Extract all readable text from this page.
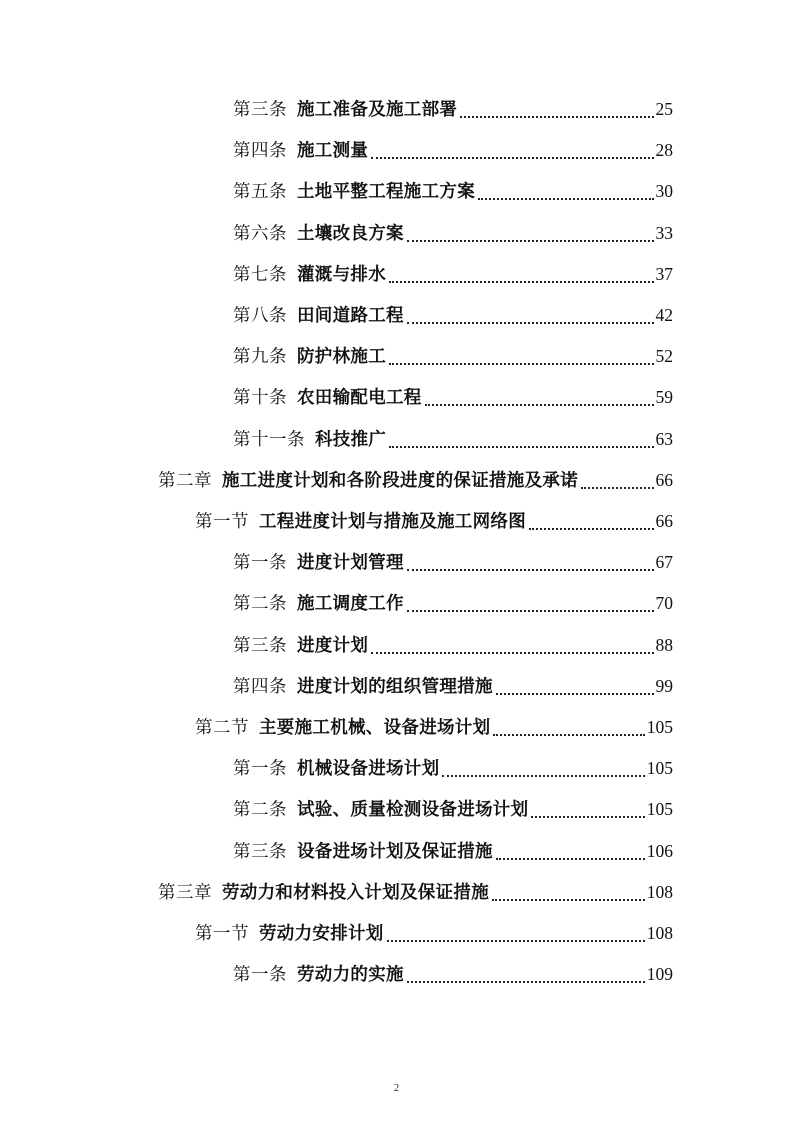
第三条 施工准备及施工部署	25
第四条 施工测量	28
第五条 土地平整工程施工方案	30
第六条 土壤改良方案	33
第七条 灌溉与排水	37
第八条 田间道路工程	42
第九条 防护林施工	52
第十条 农田输配电工程	59
第十一条 科技推广	63
第二章 施工进度计划和各阶段进度的保证措施及承诺	66
第一节 工程进度计划与措施及施工网络图	66
第一条 进度计划管理	67
第二条 施工调度工作	70
第三条 进度计划	88
第四条 进度计划的组织管理措施	99
第二节 主要施工机械、设备进场计划	105
第一条 机械设备进场计划	105
第二条 试验、质量检测设备进场计划	105
第三条 设备进场计划及保证措施	106
第三章 劳动力和材料投入计划及保证措施	108
第一节 劳动力安排计划	108
第一条 劳动力的实施	109
2
